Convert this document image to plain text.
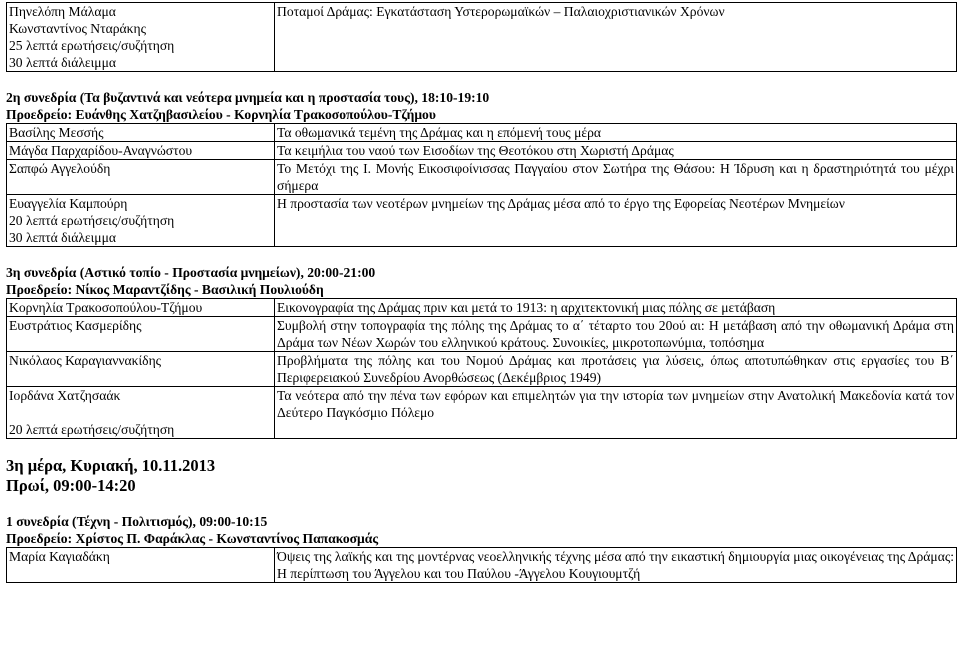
Πηνελόπη Μάλαμα
Κωνσταντίνος Νταράκης
25 λεπτά ερωτήσεις/συζήτηση
30 λεπτά διάλειμμα
	Ποταμοί Δράμας: Εγκατάσταση Υστερορωμαϊκών – Παλαιοχριστιανικών Χρόνων
2η συνεδρία (Τα βυζαντινά και νεότερα μνημεία και η προστασία τους), 18:10-19:10
Προεδρείο: Ευάνθης Χατζηβασιλείου - Κορνηλία Τρακοσοπούλου-Τζήμου
Βασίλης Μεσσής	Τα οθωμανικά τεμένη της Δράμας και η επόμενή τους μέρα
Μάγδα Παρχαρίδου-Αναγνώστου	Τα κειμήλια του ναού των Εισοδίων της Θεοτόκου στη Χωριστή Δράμας
Σαπφώ Αγγελούδη	Το Μετόχι της Ι. Μονής Εικοσιφοίνισσας Παγγαίου στον Σωτήρα της Θάσου: Η Ίδρυση και η δραστηριότητά του μέχρι σήμερα

Ευαγγελία Καμπούρη
20 λεπτά ερωτήσεις/συζήτηση
30 λεπτά διάλειμμα	Η προστασία των νεοτέρων μνημείων της Δράμας μέσα από το έργο της Εφορείας Νεοτέρων Μνημείων
3η συνεδρία (Αστικό τοπίο - Προστασία μνημείων), 20:00-21:00
Προεδρείο: Νίκος Μαραντζίδης - Βασιλική Πουλιούδη
Κορνηλία Τρακοσοπούλου-Τζήμου	Εικονογραφία της Δράμας πριν και μετά το 1913: η αρχιτεκτονική μιας πόλης σε μετάβαση
Ευστράτιος Κασμερίδης	Συμβολή στην τοπογραφία της πόλης της Δράμας το α΄ τέταρτο του 20ού αι: Η μετάβαση από την οθωμανική Δράμα στη Δράμα των Νέων Χωρών του ελληνικού κράτους. Συνοικίες, μικροτοπωνύμια, τοπόσημα
Νικόλαος Καραγιαννακίδης	Προβλήματα της πόλης και του Νομού Δράμας και προτάσεις για λύσεις, όπως αποτυπώθηκαν στις εργασίες του Β΄ Περιφερειακού Συνεδρίου Ανορθώσεως (Δεκέμβριος 1949)

Ιορδάνα Χατζησαάκ
20 λεπτά ερωτήσεις/συζήτηση	Τα νεότερα από την πένα των εφόρων και επιμελητών για την ιστορία των μνημείων στην Ανατολική Μακεδονία κατά τον Δεύτερο Παγκόσμιο Πόλεμο
3η μέρα, Κυριακή, 10.11.2013
Πρωί, 09:00-14:20
1 συνεδρία (Τέχνη - Πολιτισμός), 09:00-10:15
Προεδρείο: Χρίστος Π. Φαράκλας - Κωνσταντίνος Παπακοσμάς
Μαρία Καγιαδάκη	Όψεις της λαϊκής και της μοντέρνας νεοελληνικής τέχνης μέσα από την εικαστική δημιουργία μιας οικογένειας της Δράμας: Η περίπτωση του Άγγελου και του Παύλου -Άγγελου Κουγιουμτζή
